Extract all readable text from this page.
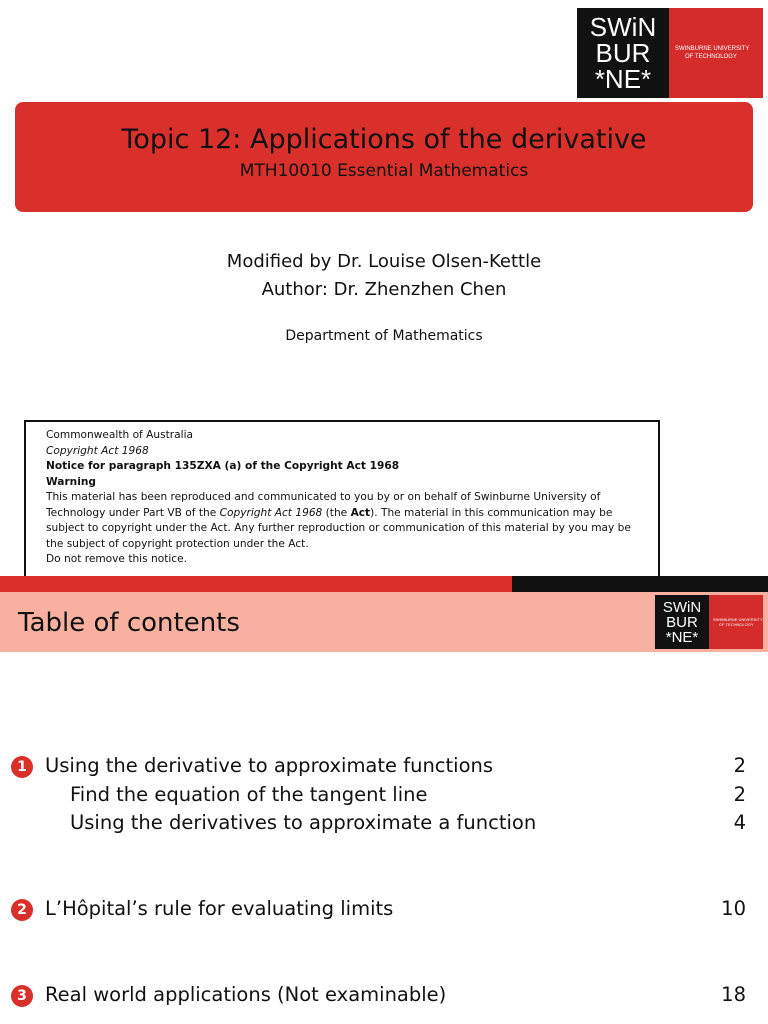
SWiN
BUR
*NE*
SWINBURNE UNIVERSITY
OF TECHNOLOGY
Topic 12: Applications of the derivative
MTH10010 Essential Mathematics
Modified by Dr. Louise Olsen-Kettle
Author: Dr. Zhenzhen Chen
Department of Mathematics
Commonwealth of Australia
Copyright Act 1968
Notice for paragraph 135ZXA (a) of the Copyright Act 1968
Warning
This material has been reproduced and communicated to you by or on behalf of Swinburne University of Technology under Part VB of the Copyright Act 1968 (the Act). The material in this communication may be subject to copyright under the Act. Any further reproduction or communication of this material by you may be the subject of copyright protection under the Act.
Do not remove this notice.
Table of contents
SWiN
BUR
*NE*
SWINBURNE UNIVERSITY
OF TECHNOLOGY
1 Using the derivative to approximate functions	2
Find the equation of the tangent line	2
Using the derivatives to approximate a function	4
2 L’Hôpital’s rule for evaluating limits	10
3 Real world applications (Not examinable)	18
